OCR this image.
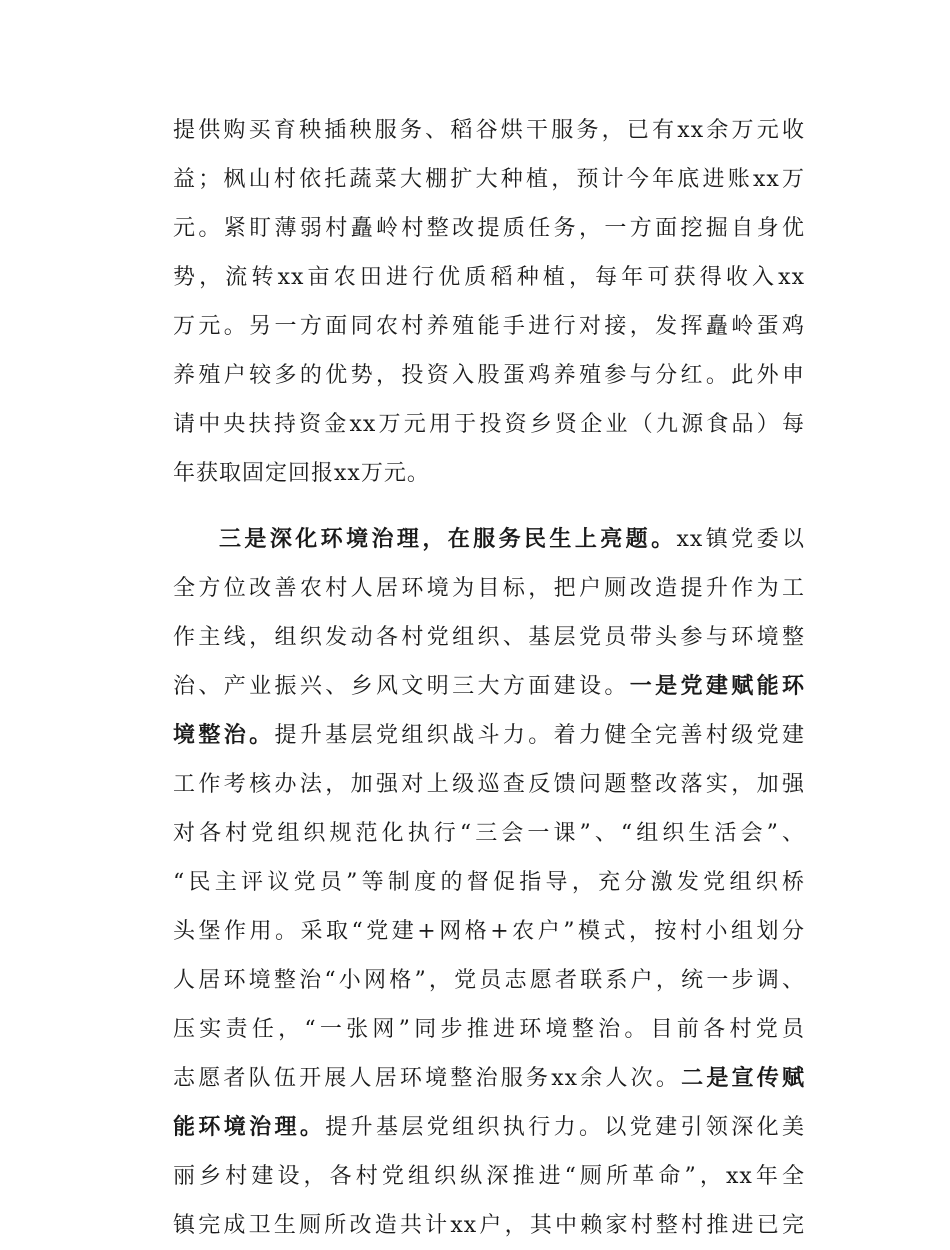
提供购买育秧插秧服务、稻谷烘干服务，已有xx余万元收
益；枫山村依托蔬菜大棚扩大种植，预计今年底进账xx万
元。紧盯薄弱村矗岭村整改提质任务，一方面挖掘自身优
势，流转xx亩农田进行优质稻种植，每年可获得收入xx
万元。另一方面同农村养殖能手进行对接，发挥矗岭蛋鸡
养殖户较多的优势，投资入股蛋鸡养殖参与分红。此外申
请中央扶持资金xx万元用于投资乡贤企业（九源食品）每
年获取固定回报xx万元。
三是深化环境治理，在服务民生上亮题。xx镇党委以
全方位改善农村人居环境为目标，把户厕改造提升作为工
作主线，组织发动各村党组织、基层党员带头参与环境整
治、产业振兴、乡风文明三大方面建设。一是党建赋能环
境整治。提升基层党组织战斗力。着力健全完善村级党建
工作考核办法，加强对上级巡查反馈问题整改落实，加强
对各村党组织规范化执行“三会一课”、“组织生活会”、
“民主评议党员”等制度的督促指导，充分激发党组织桥
头堡作用。采取“党建+网格+农户”模式，按村小组划分
人居环境整治“小网格”，党员志愿者联系户，统一步调、
压实责任，“一张网”同步推进环境整治。目前各村党员
志愿者队伍开展人居环境整治服务xx余人次。二是宣传赋
能环境治理。提升基层党组织执行力。以党建引领深化美
丽乡村建设，各村党组织纵深推进“厕所革命”，xx年全
镇完成卫生厕所改造共计xx户，其中赖家村整村推进已完
